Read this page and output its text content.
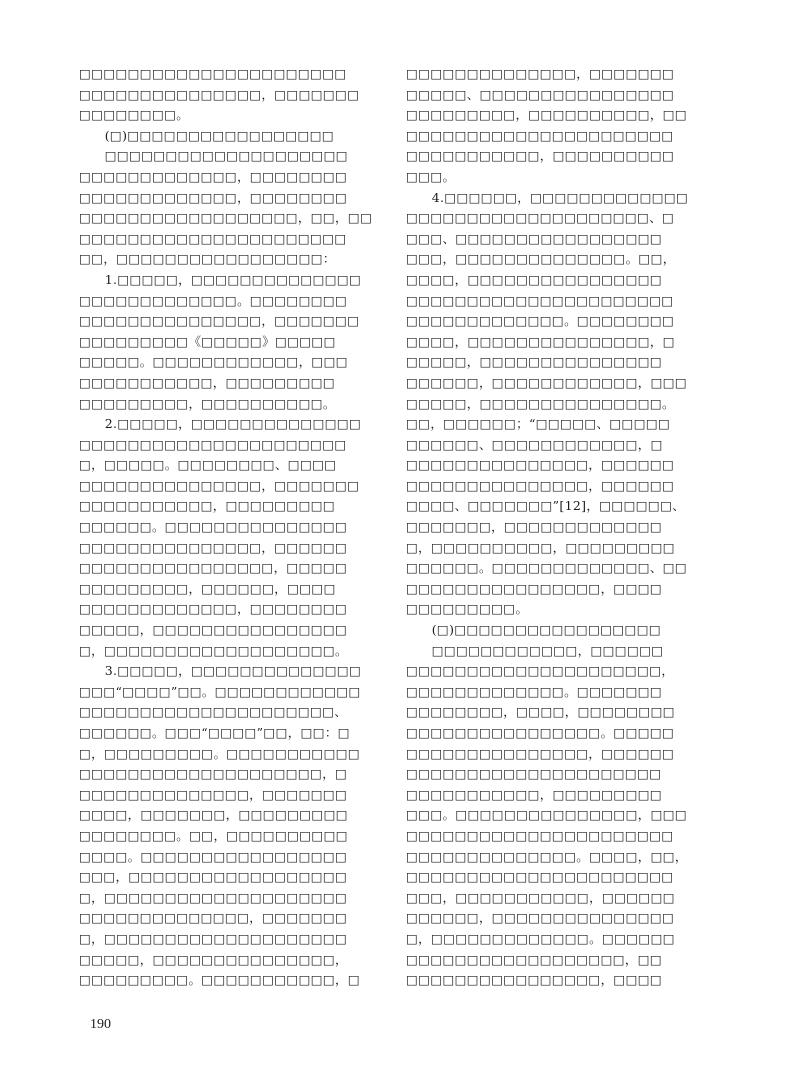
□□□□□□□□□□□□□□□□□□□□□□
□□□□□□□□□□□□□□□，□□□□□□□
□□□□□□□□。
　　(□)□□□□□□□□□□□□□□□□□
　　□□□□□□□□□□□□□□□□□□□□
□□□□□□□□□□□□□，□□□□□□□□
□□□□□□□□□□□□□，□□□□□□□□
□□□□□□□□□□□□□□□□□□，□□，□□
□□□□□□□□□□□□□□□□□□□□□□
□□，□□□□□□□□□□□□□□□□□：
　　1.□□□□□，□□□□□□□□□□□□□□
□□□□□□□□□□□□□。□□□□□□□□
□□□□□□□□□□□□□□□，□□□□□□□
□□□□□□□□□《□□□□□》□□□□□
□□□□□。□□□□□□□□□□□□，□□□
□□□□□□□□□□□，□□□□□□□□□
□□□□□□□□□，□□□□□□□□□□。
　　2.□□□□□，□□□□□□□□□□□□□□
□□□□□□□□□□□□□□□□□□□□□□
□，□□□□□。□□□□□□□□、□□□□
□□□□□□□□□□□□□□□，□□□□□□□
□□□□□□□□□□□，□□□□□□□□□
□□□□□□。□□□□□□□□□□□□□□□
□□□□□□□□□□□□□□□，□□□□□□
□□□□□□□□□□□□□□□□，□□□□□
□□□□□□□□□，□□□□□□，□□□□
□□□□□□□□□□□□□，□□□□□□□□
□□□□□，□□□□□□□□□□□□□□□□
□，□□□□□□□□□□□□□□□□□□□。
　　3.□□□□□，□□□□□□□□□□□□□□
□□□“□□□□”□□。□□□□□□□□□□□□
□□□□□□□□□□□□□□□□□□□□□、
□□□□□□。□□□“□□□□”□□，□□：□
□，□□□□□□□□□。□□□□□□□□□□□
□□□□□□□□□□□□□□□□□□□□，□
□□□□□□□□□□□□□□，□□□□□□□
□□□□，□□□□□□□，□□□□□□□□□
□□□□□□□□。□□，□□□□□□□□□□
□□□□。□□□□□□□□□□□□□□□□□
□□□，□□□□□□□□□□□□□□□□□□
□，□□□□□□□□□□□□□□□□□□□□
□□□□□□□□□□□□□□，□□□□□□□
□，□□□□□□□□□□□□□□□□□□□□
□□□□□，□□□□□□□□□□□□□□□，
□□□□□□□□□。□□□□□□□□□□□，□
□□□□□□□□□□□□□□，□□□□□□□
□□□□□、□□□□□□□□□□□□□□□□
□□□□□□□□□，□□□□□□□□□□，□□
□□□□□□□□□□□□□□□□□□□□□□
□□□□□□□□□□□，□□□□□□□□□□
□□□。
　　4.□□□□□□，□□□□□□□□□□□□□
□□□□□□□□□□□□□□□□□□□□、□
□□□、□□□□□□□□□□□□□□□□□
□□□，□□□□□□□□□□□□□□。□□，
□□□□，□□□□□□□□□□□□□□□□
□□□□□□□□□□□□□□□□□□□□□□
□□□□□□□□□□□□□。□□□□□□□□
□□□□，□□□□□□□□□□□□□□□，□
□□□□□，□□□□□□□□□□□□□□□
□□□□□□，□□□□□□□□□□□□，□□□
□□□□□，□□□□□□□□□□□□□□□。
□□，□□□□□□；“□□□□□、□□□□□
□□□□□□、□□□□□□□□□□□□，□
□□□□□□□□□□□□□□□，□□□□□□
□□□□□□□□□□□□□□□，□□□□□□
□□□□、□□□□□□□”[12]，□□□□□□、
□□□□□□□，□□□□□□□□□□□□□
□，□□□□□□□□□□，□□□□□□□□□
□□□□□□。□□□□□□□□□□□□□、□□
□□□□□□□□□□□□□□□□，□□□□
□□□□□□□□□。
　　(□)□□□□□□□□□□□□□□□□□
　　□□□□□□□□□□□□，□□□□□□
□□□□□□□□□□□□□□□□□□□□□，
□□□□□□□□□□□□□。□□□□□□□
□□□□□□□□，□□□□，□□□□□□□□
□□□□□□□□□□□□□□□□。□□□□□
□□□□□□□□□□□□□□□，□□□□□□
□□□□□□□□□□□□□□□□□□□□□
□□□□□□□□□□□，□□□□□□□□□
□□□。□□□□□□□□□□□□□□□，□□□
□□□□□□□□□□□□□□□□□□□□□□
□□□□□□□□□□□□□□。□□□□，□□，
□□□□□□□□□□□□□□□□□□□□□□
□□□，□□□□□□□□□□□，□□□□□□
□□□□□□，□□□□□□□□□□□□□□□
□，□□□□□□□□□□□□□。□□□□□□
□□□□□□□□□□□□□□□□□□，□□
□□□□□□□□□□□□□□□□，□□□□
190
